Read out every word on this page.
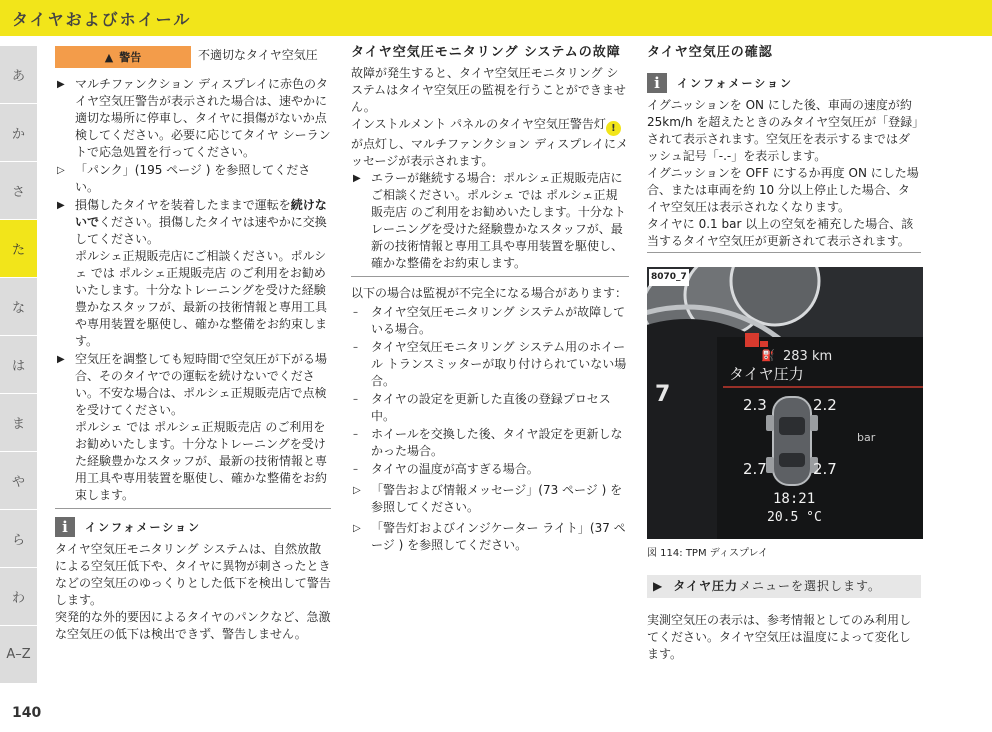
タイヤおよびホイール
あ
か
さ
た
な
は
ま
や
ら
わ
A–Z
140
▲ 警告	不適切なタイヤ空気圧
▶ マルチファンクション ディスプレイに赤色のタイヤ空気圧警告が表示された場合は、速やかに適切な場所に停車し、タイヤに損傷がないか点検してください。必要に応じてタイヤ シーラントで応急処置を行ってください。
▷ 「パンク」(195 ページ ) を参照してください。
▶ 損傷したタイヤを装着したままで運転を続けないでください。損傷したタイヤは速やかに交換してください。
ポルシェ正規販売店にご相談ください。ポルシェ では ポルシェ正規販売店 のご利用をお勧めいたします。十分なトレーニングを受けた経験豊かなスタッフが、最新の技術情報と専用工具や専用装置を駆使し、確かな整備をお約束します。
▶ 空気圧を調整しても短時間で空気圧が下がる場合、そのタイヤでの運転を続けないでください。不安な場合は、ポルシェ正規販売店で点検を受けてください。
ポルシェ では ポルシェ正規販売店 のご利用をお勧めいたします。十分なトレーニングを受けた経験豊かなスタッフが、最新の技術情報と専用工具や専用装置を駆使し、確かな整備をお約束します。
i	インフォメーション

タイヤ空気圧モニタリング システムは、自然放散による空気圧低下や、タイヤに異物が刺さったときなどの空気圧のゆっくりとした低下を検出して警告します。

突発的な外的要因によるタイヤのパンクなど、急激な空気圧の低下は検出できず、警告しません。

タイヤ空気圧モニタリング システムの故障

故障が発生すると、タイヤ空気圧モニタリング システムはタイヤ空気圧の監視を行うことができません。

インストルメント パネルのタイヤ空気圧警告灯 !が点灯し、マルチファンクション ディスプレイにメッセージが表示されます。

▶ エラーが継続する場合：ポルシェ正規販売店にご相談ください。ポルシェ では ポルシェ正規販売店 のご利用をお勧めいたします。十分なトレーニングを受けた経験豊かなスタッフが、最新の技術情報と専用工具や専用装置を駆使し、確かな整備をお約束します。

以下の場合は監視が不完全になる場合があります：

– タイヤ空気圧モニタリング システムが故障している場合。
– タイヤ空気圧モニタリング システム用のホイール トランスミッターが取り付けられていない場合。
– タイヤの設定を更新した直後の登録プロセス中。
– ホイールを交換した後、タイヤ設定を更新しなかった場合。
– タイヤの温度が高すぎる場合。
▷ 「警告および情報メッセージ」(73 ページ ) を参照してください。
▷ 「警告灯およびインジケーター ライト」(37 ページ ) を参照してください。
タイヤ空気圧の確認
i	インフォメーション

イグニッションを ON にした後、車両の速度が約 25km/h を超えたときのみタイヤ空気圧が「登録」されて表示されます。空気圧を表示するまではダッシュ記号「-.-」を表示します。

イグニッションを OFF にするか再度 ON にした場合、または車両を約 10 分以上停止した場合、タイヤ空気圧は表示されなくなります。

タイヤに 0.1 bar 以上の空気を補充した場合、該当するタイヤ空気圧が更新されて表示されます。

⛽ 283 km
タイヤ圧力
7	2.3	2.2
bar
2.7	2.7
18:21
20.5 °C
8070_7
図 114: TPM ディスプレイ
▶ タイヤ圧力 メニューを選択します。

実測空気圧の表示は、参考情報としてのみ利用してください。タイヤ空気圧は温度によって変化します。
